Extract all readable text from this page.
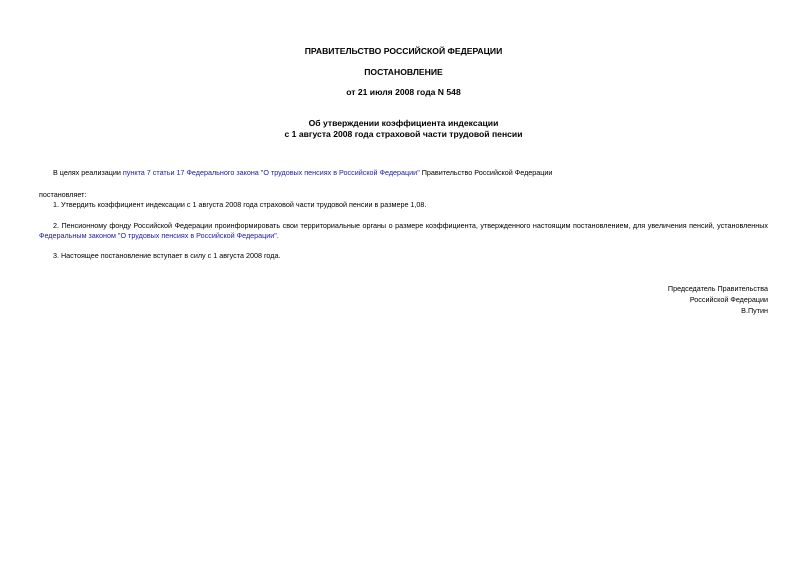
ПРАВИТЕЛЬСТВО РОССИЙСКОЙ ФЕДЕРАЦИИ
ПОСТАНОВЛЕНИЕ
от 21 июля 2008 года N 548
Об утверждении коэффициента индексации
с 1 августа 2008 года страховой части трудовой пенсии
В целях реализации пункта 7 статьи 17 Федерального закона "О трудовых пенсиях в Российской Федерации" Правительство Российской Федерации
постановляет:
1. Утвердить коэффициент индексации с 1 августа 2008 года страховой части трудовой пенсии в размере 1,08.
2. Пенсионному фонду Российской Федерации проинформировать свои территориальные органы о размере коэффициента, утвержденного настоящим постановлением, для увеличения пенсий, установленных
Федеральным законом "О трудовых пенсиях в Российской Федерации".
3. Настоящее постановление вступает в силу с 1 августа 2008 года.
Председатель Правительства
Российской Федерации
В.Путин
